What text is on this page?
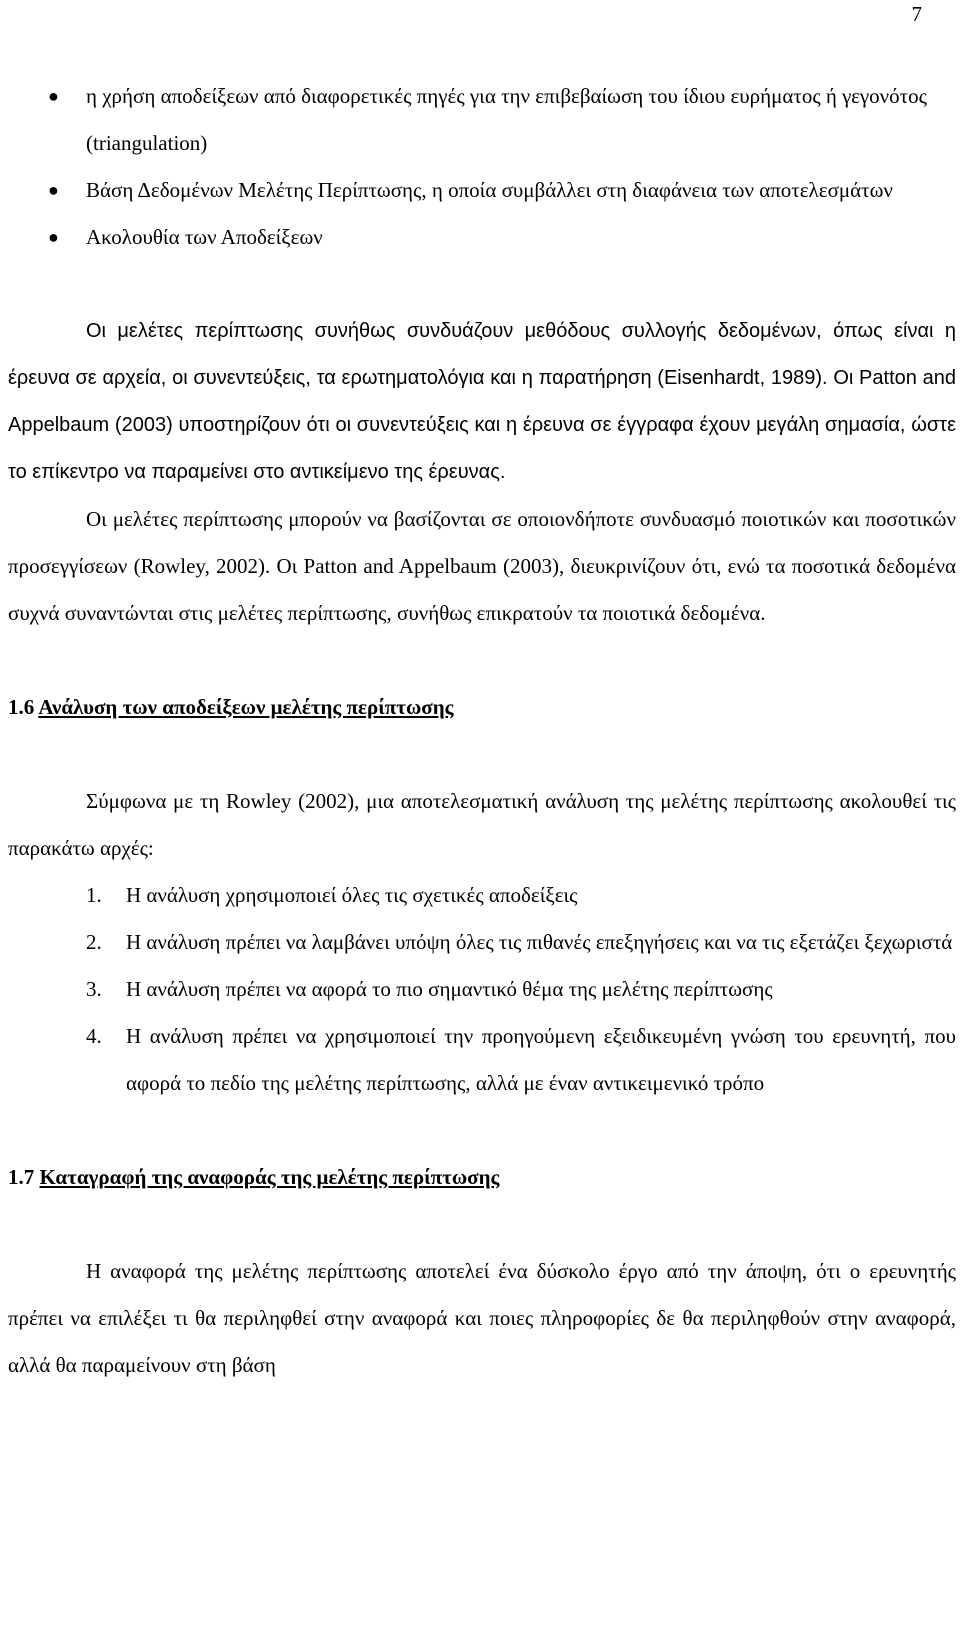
7
● η χρήση αποδείξεων από διαφορετικές πηγές για την επιβεβαίωση του ίδιου ευρήματος ή γεγονότος (triangulation)
● Βάση Δεδομένων Μελέτης Περίπτωσης, η οποία συμβάλλει στη διαφάνεια των αποτελεσμάτων
● Ακολουθία των Αποδείξεων

Οι μελέτες περίπτωσης συνήθως συνδυάζουν μεθόδους συλλογής δεδομένων, όπως είναι η έρευνα σε αρχεία, οι συνεντεύξεις, τα ερωτηματολόγια και η παρατήρηση (Eisenhardt, 1989). Οι Patton and Appelbaum (2003) υποστηρίζουν ότι οι συνεντεύξεις και η έρευνα σε έγγραφα έχουν μεγάλη σημασία, ώστε το επίκεντρο να παραμείνει στο αντικείμενο της έρευνας.

Οι μελέτες περίπτωσης μπορούν να βασίζονται σε οποιονδήποτε συνδυασμό ποιοτικών και ποσοτικών προσεγγίσεων (Rowley, 2002). Οι Patton and Appelbaum (2003), διευκρινίζουν ότι, ενώ τα ποσοτικά δεδομένα συχνά συναντώνται στις μελέτες περίπτωσης, συνήθως επικρατούν τα ποιοτικά δεδομένα.

1.6 Ανάλυση των αποδείξεων μελέτης περίπτωσης

Σύμφωνα με τη Rowley (2002), μια αποτελεσματική ανάλυση της μελέτης περίπτωσης ακολουθεί τις παρακάτω αρχές:

1. Η ανάλυση χρησιμοποιεί όλες τις σχετικές αποδείξεις
2. Η ανάλυση πρέπει να λαμβάνει υπόψη όλες τις πιθανές επεξηγήσεις και να τις εξετάζει ξεχωριστά
3. Η ανάλυση πρέπει να αφορά το πιο σημαντικό θέμα της μελέτης περίπτωσης
4. Η ανάλυση πρέπει να χρησιμοποιεί την προηγούμενη εξειδικευμένη γνώση του ερευνητή, που αφορά το πεδίο της μελέτης περίπτωσης, αλλά με έναν αντικειμενικό τρόπο
1.7 Καταγραφή της αναφοράς της μελέτης περίπτωσης

Η αναφορά της μελέτης περίπτωσης αποτελεί ένα δύσκολο έργο από την άποψη, ότι ο ερευνητής πρέπει να επιλέξει τι θα περιληφθεί στην αναφορά και ποιες πληροφορίες δε θα περιληφθούν στην αναφορά, αλλά θα παραμείνουν στη βάση
